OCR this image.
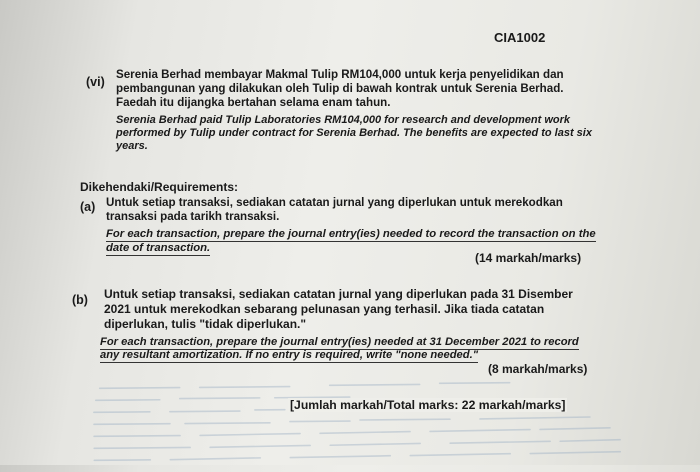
CIA1002
(vi)
Serenia Berhad membayar Makmal Tulip RM104,000 untuk kerja penyelidikan dan
pembangunan yang dilakukan oleh Tulip di bawah kontrak untuk Serenia Berhad.
Faedah itu dijangka bertahan selama enam tahun.
Serenia Berhad paid Tulip Laboratories RM104,000 for research and development work
performed by Tulip under contract for Serenia Berhad. The benefits are expected to last six
years.
Dikehendaki/Requirements:
(a) Untuk setiap transaksi, sediakan catatan jurnal yang diperlukan untuk merekodkan
transaksi pada tarikh transaksi.
For each transaction, prepare the journal entry(ies) needed to record the transaction on the
date of transaction.
(14 markah/marks)
(b) Untuk setiap transaksi, sediakan catatan jurnal yang diperlukan pada 31 Disember
2021 untuk merekodkan sebarang pelunasan yang terhasil. Jika tiada catatan
diperlukan, tulis "tidak diperlukan."
For each transaction, prepare the journal entry(ies) needed at 31 December 2021 to record
any resultant amortization. If no entry is required, write "none needed."
(8 markah/marks)
[Jumlah markah/Total marks: 22 markah/marks]
